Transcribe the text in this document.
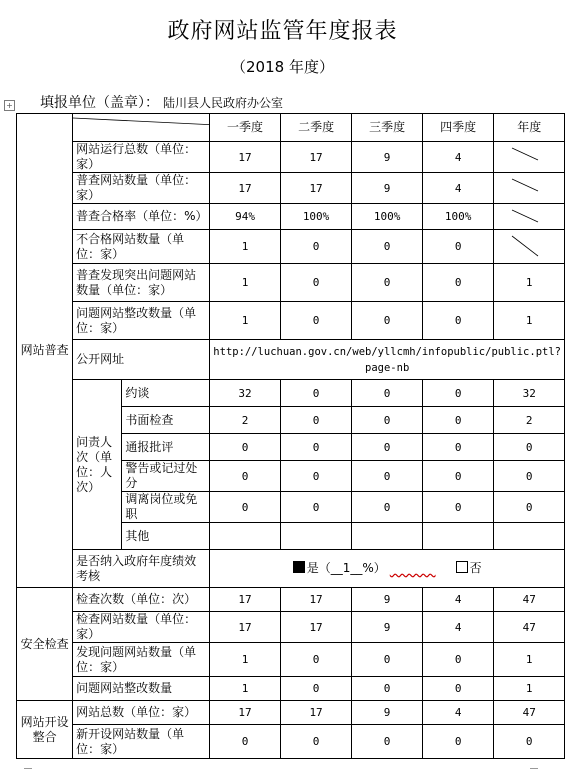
政府网站监管年度报表
（2018 年度）
+ 填报单位（盖章）： 陆川县人民政府办公室
网站普查			一季度	二季度	三季度	四季度	年度
	网站运行总数（单位：家）		17	17	9	4	

	普查网站数量（单位：家）		17	17	9	4	

	普查合格率（单位：%）		94%	100%	100%	100%	

	不合格网站数量（单位：家）		1	0	0	0	

	普查发现突出问题网站数量（单位：家）		1	0	0	0	1
	问题网站整改数量（单位：家）		1	0	0	0	1
	公开网址		http://luchuan.gov.cn/web/yllcmh/infopublic/public.ptl?page-nb				
	问责人次（单位：人次）	约谈	32	0	0	0	32
		书面检查	2	0	0	0	2
		通报批评	0	0	0	0	0
		警告或记过处分	0	0	0	0	0
		调离岗位或免职	0	0	0	0	0
		其他					
	是否纳入政府年度绩效考核		是（__1__%） 否				
安全检查	检查次数（单位：次）		17	17	9	4	47
	检查网站数量（单位：家）		17	17	9	4	47
	发现问题网站数量（单位：家）		1	0	0	0	1
	问题网站整改数量		1	0	0	0	1
网站开设整合	网站总数（单位：家）		17	17	9	4	47
	新开设网站数量（单位：家）		0	0	0	0	0
